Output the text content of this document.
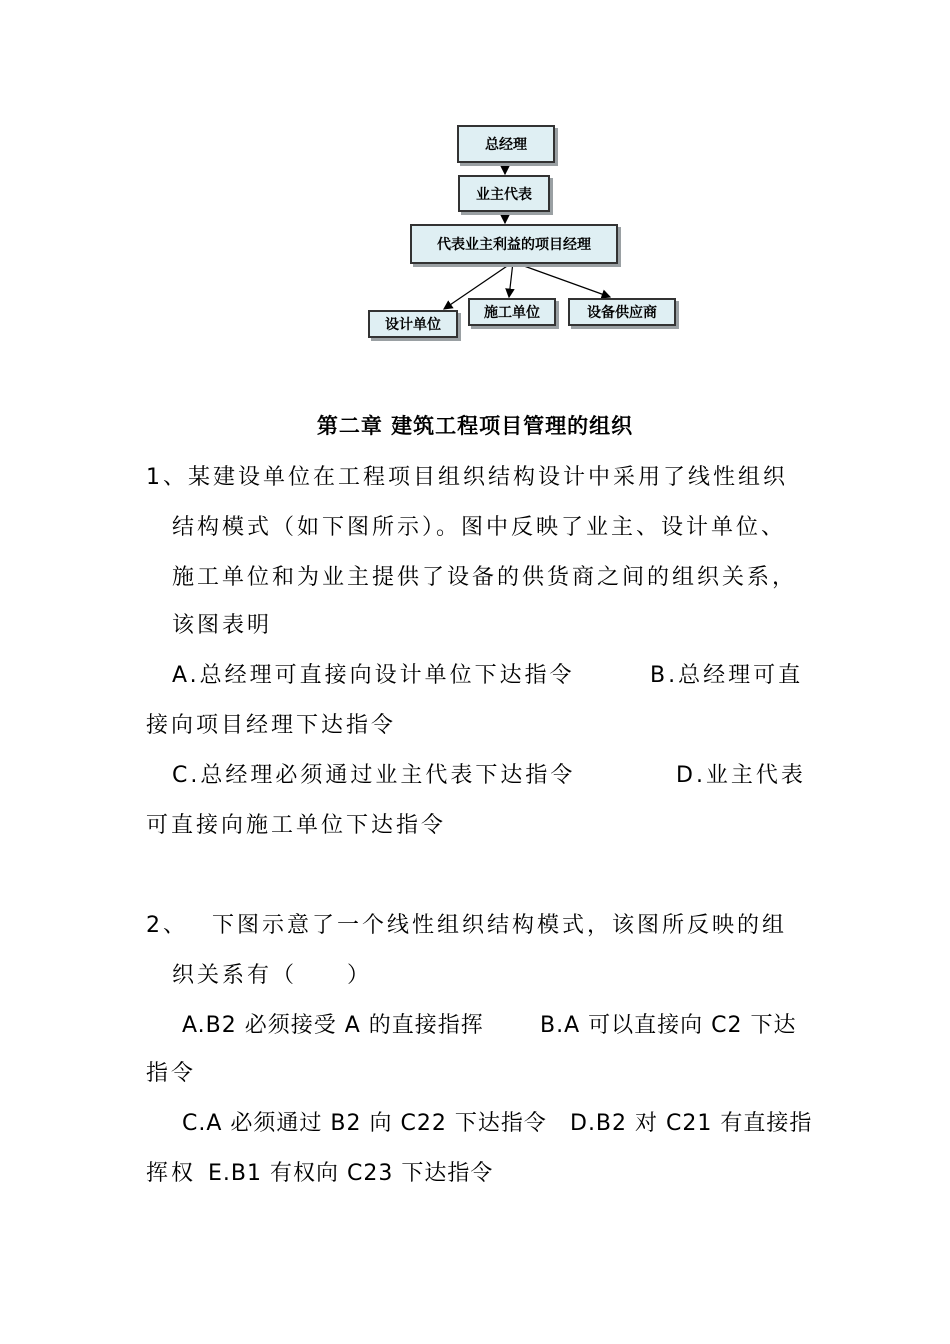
总经理
业主代表
代表业主利益的项目经理
设计单位
施工单位	设备供应商
第二章 建筑工程项目管理的组织
1、某建设单位在工程项目组织结构设计中采用了线性组织
结构模式（如下图所示）。图中反映了业主、设计单位、
施工单位和为业主提供了设备的供货商之间的组织关系，
该图表明
A.总经理可直接向设计单位下达指令	B.总经理可直
接向项目经理下达指令
C.总经理必须通过业主代表下达指令	D.业主代表
可直接向施工单位下达指令
2、 下图示意了一个线性组织结构模式，该图所反映的组
织关系有（　　）
A.B2 必须接受 A 的直接指挥	B.A 可以直接向 C2 下达
指令
C.A 必须通过 B2 向 C22 下达指令 D.B2 对 C21 有直接指
挥权 E.B1 有权向 C23 下达指令
